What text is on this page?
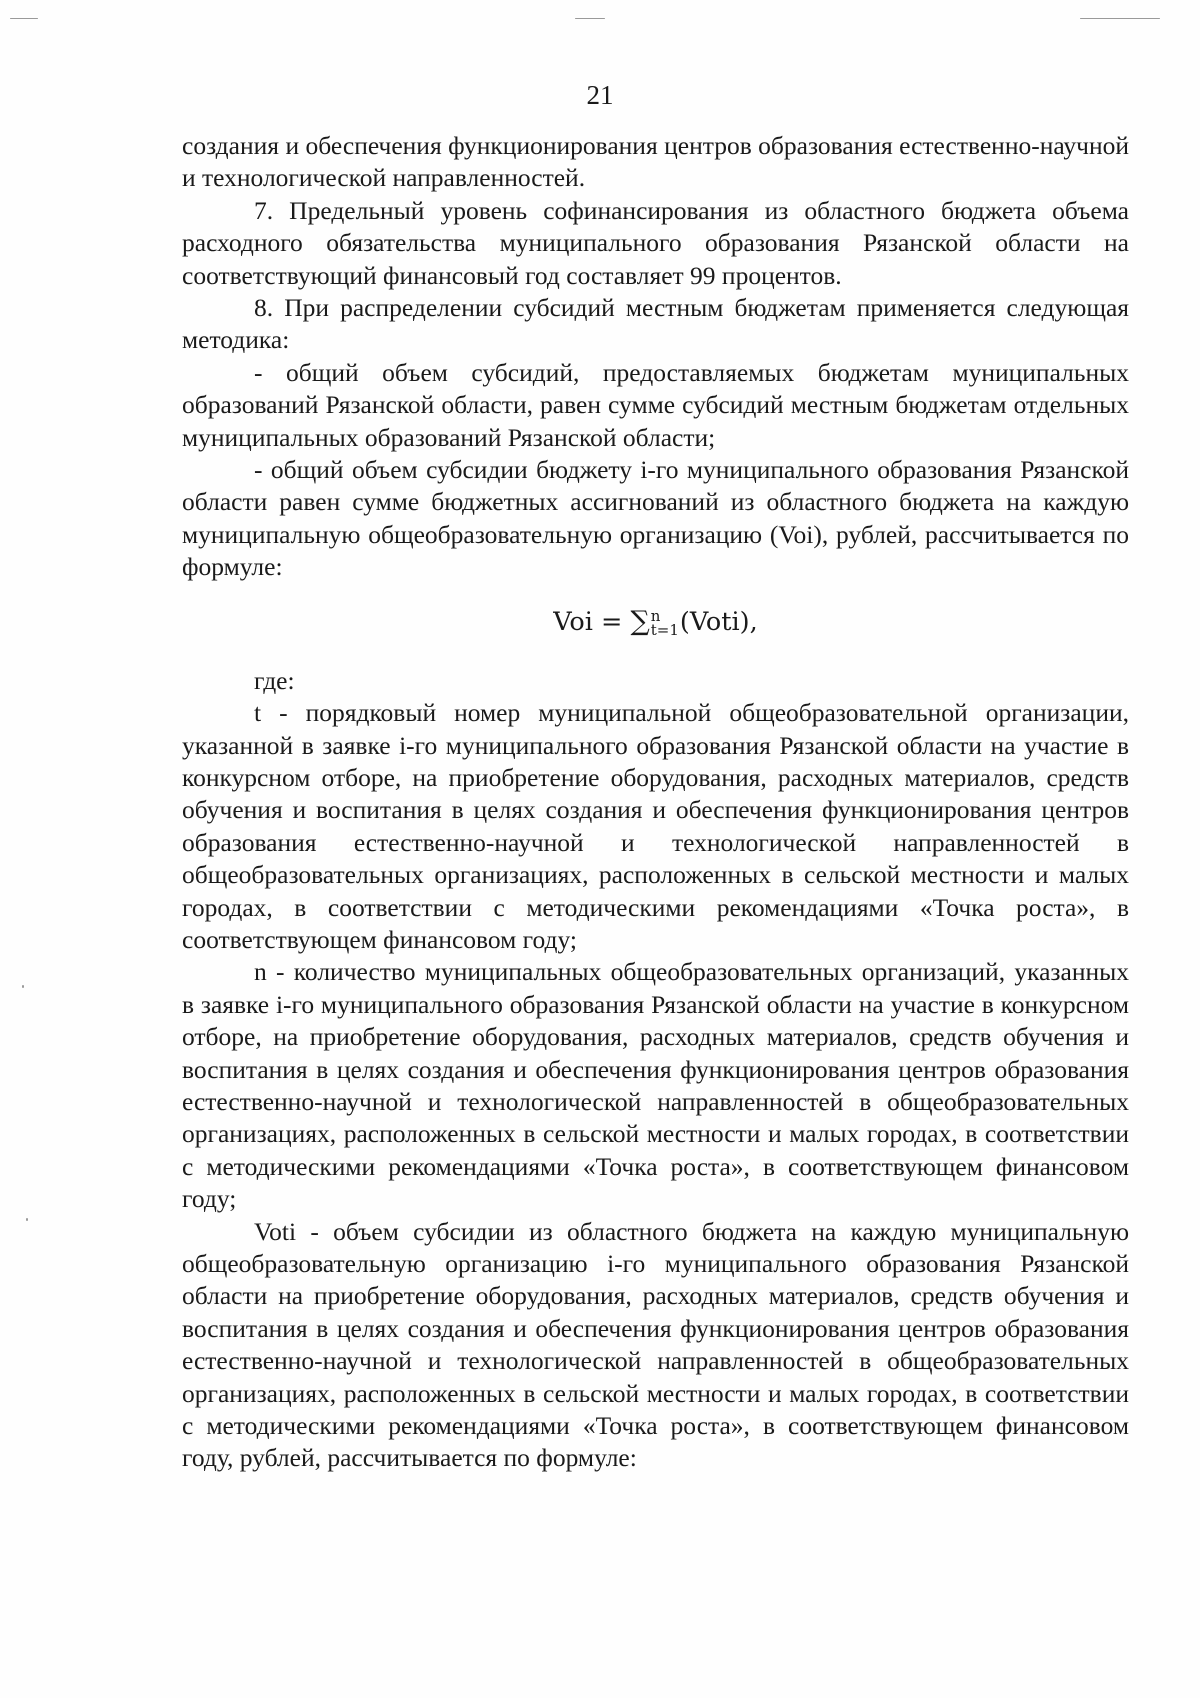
21

создания и обеспечения функционирования центров образования естественно-научной и технологической направленностей.

7. Предельный уровень софинансирования из областного бюджета объема расходного обязательства муниципального образования Рязанской области на соответствующий финансовый год составляет 99 процентов.

8. При распределении субсидий местным бюджетам применяется следующая методика:

- общий объем субсидий, предоставляемых бюджетам муниципальных образований Рязанской области, равен сумме субсидий местным бюджетам отдельных муниципальных образований Рязанской области;

- общий объем субсидии бюджету i-го муниципального образования Рязанской области равен сумме бюджетных ассигнований из областного бюджета на каждую муниципальную общеобразовательную организацию (Voi), рублей, рассчитывается по формуле:

Voi = ∑ n
t=1 (Voti),

где:

t - порядковый номер муниципальной общеобразовательной организации, указанной в заявке i-го муниципального образования Рязанской области на участие в конкурсном отборе, на приобретение оборудования, расходных материалов, средств обучения и воспитания в целях создания и обеспечения функционирования центров образования естественно-научной и технологической направленностей в общеобразовательных организациях, расположенных в сельской местности и малых городах, в соответствии с методическими рекомендациями «Точка роста», в соответствующем финансовом году;

n - количество муниципальных общеобразовательных организаций, указанных в заявке i-го муниципального образования Рязанской области на участие в конкурсном отборе, на приобретение оборудования, расходных материалов, средств обучения и воспитания в целях создания и обеспечения функционирования центров образования естественно-научной и технологической направленностей в общеобразовательных организациях, расположенных в сельской местности и малых городах, в соответствии с методическими рекомендациями «Точка роста», в соответствующем финансовом году;

Voti - объем субсидии из областного бюджета на каждую муниципальную общеобразовательную организацию i-го муниципального образования Рязанской области на приобретение оборудования, расходных материалов, средств обучения и воспитания в целях создания и обеспечения функционирования центров образования естественно-научной и технологической направленностей в общеобразовательных организациях, расположенных в сельской местности и малых городах, в соответствии с методическими рекомендациями «Точка роста», в соответствующем финансовом году, рублей, рассчитывается по формуле:
